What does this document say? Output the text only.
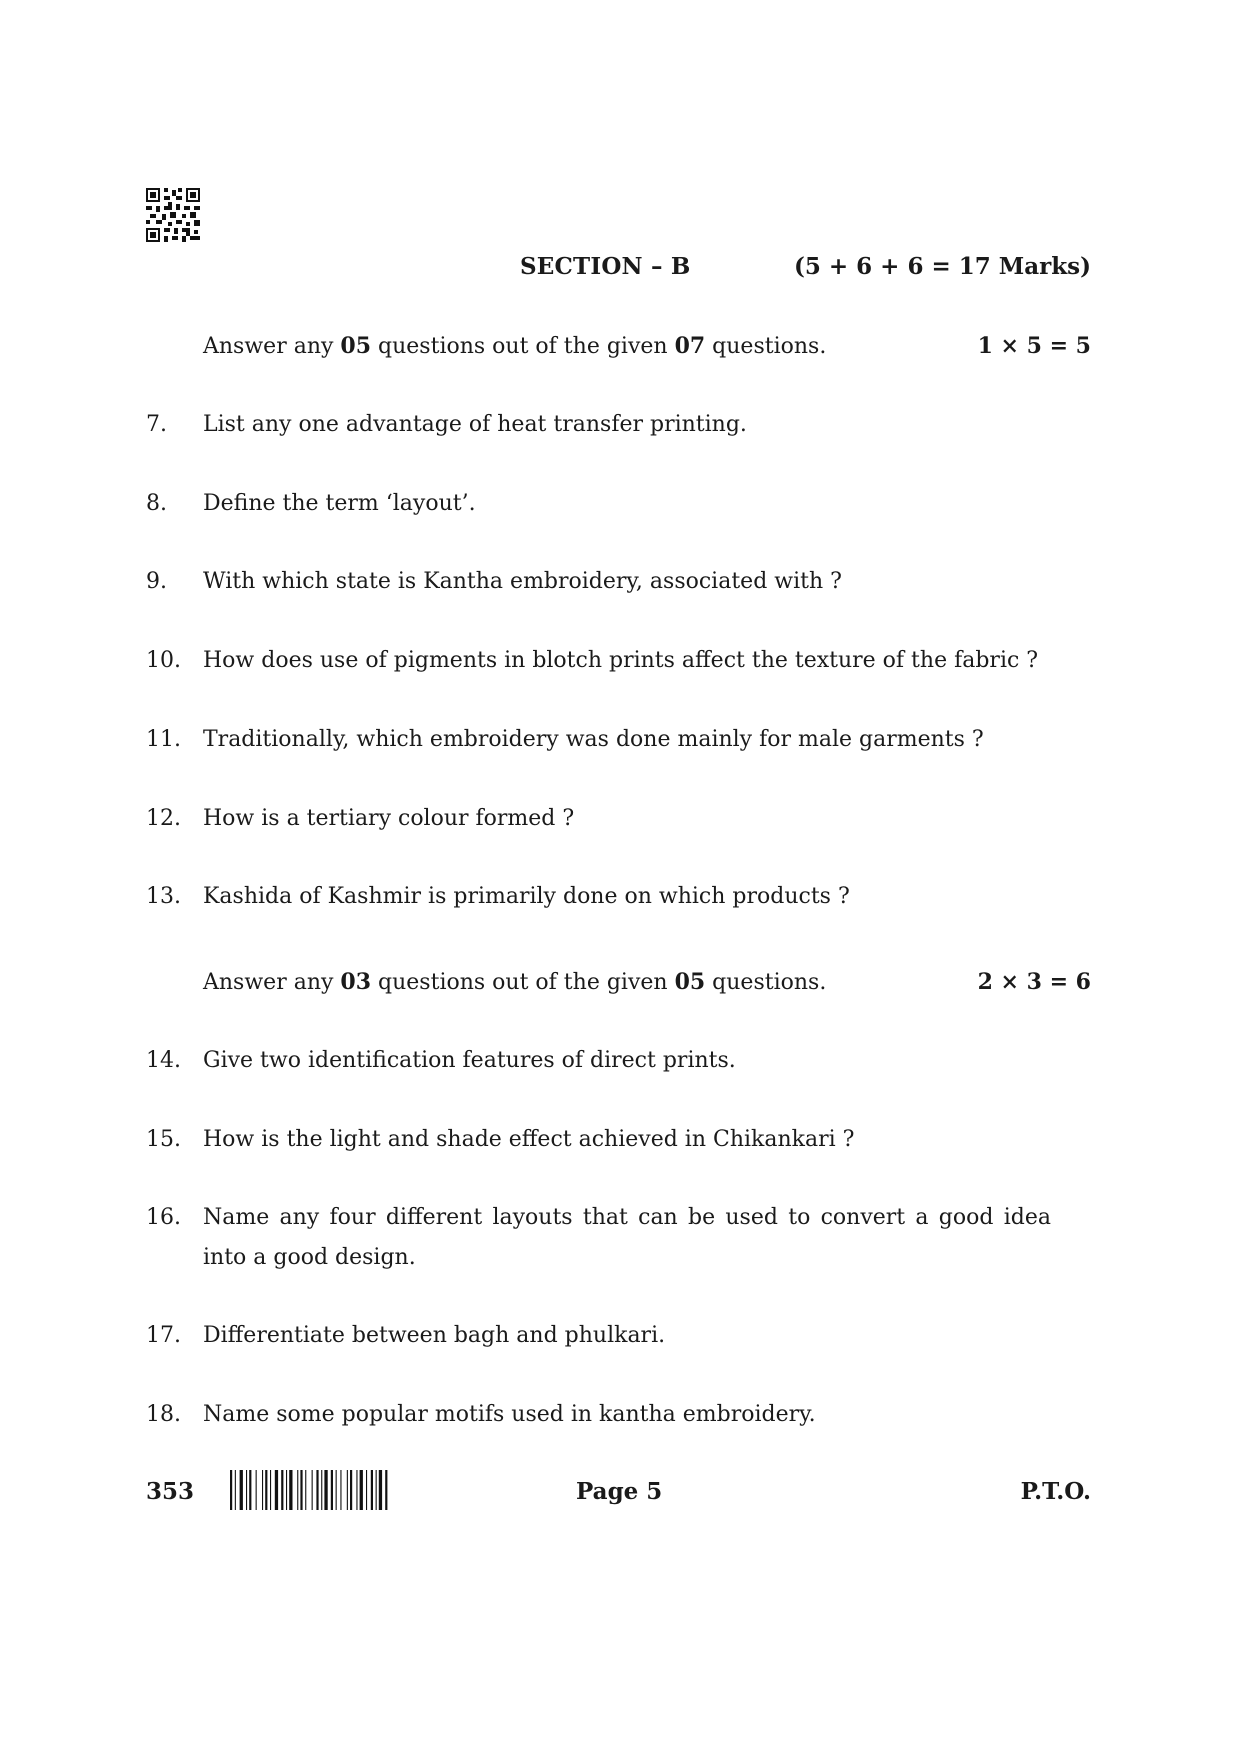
SECTION – B	(5 + 6 + 6 = 17 Marks)
Answer any 05 questions out of the given 07 questions.	1 × 5 = 5
7.	List any one advantage of heat transfer printing.
8.	Define the term ‘layout’.
9.	With which state is Kantha embroidery, associated with ?
10.	How does use of pigments in blotch prints affect the texture of the fabric ?
11.	Traditionally, which embroidery was done mainly for male garments ?
12.	How is a tertiary colour formed ?
13.	Kashida of Kashmir is primarily done on which products ?
Answer any 03 questions out of the given 05 questions.	2 × 3 = 6
14.	Give two identification features of direct prints.
15.	How is the light and shade effect achieved in Chikankari ?
16.	Name any four different layouts that can be used to convert a good idea into a good design.
17.	Differentiate between bagh and phulkari.
18.	Name some popular motifs used in kantha embroidery.
353	Page 5	P.T.O.
